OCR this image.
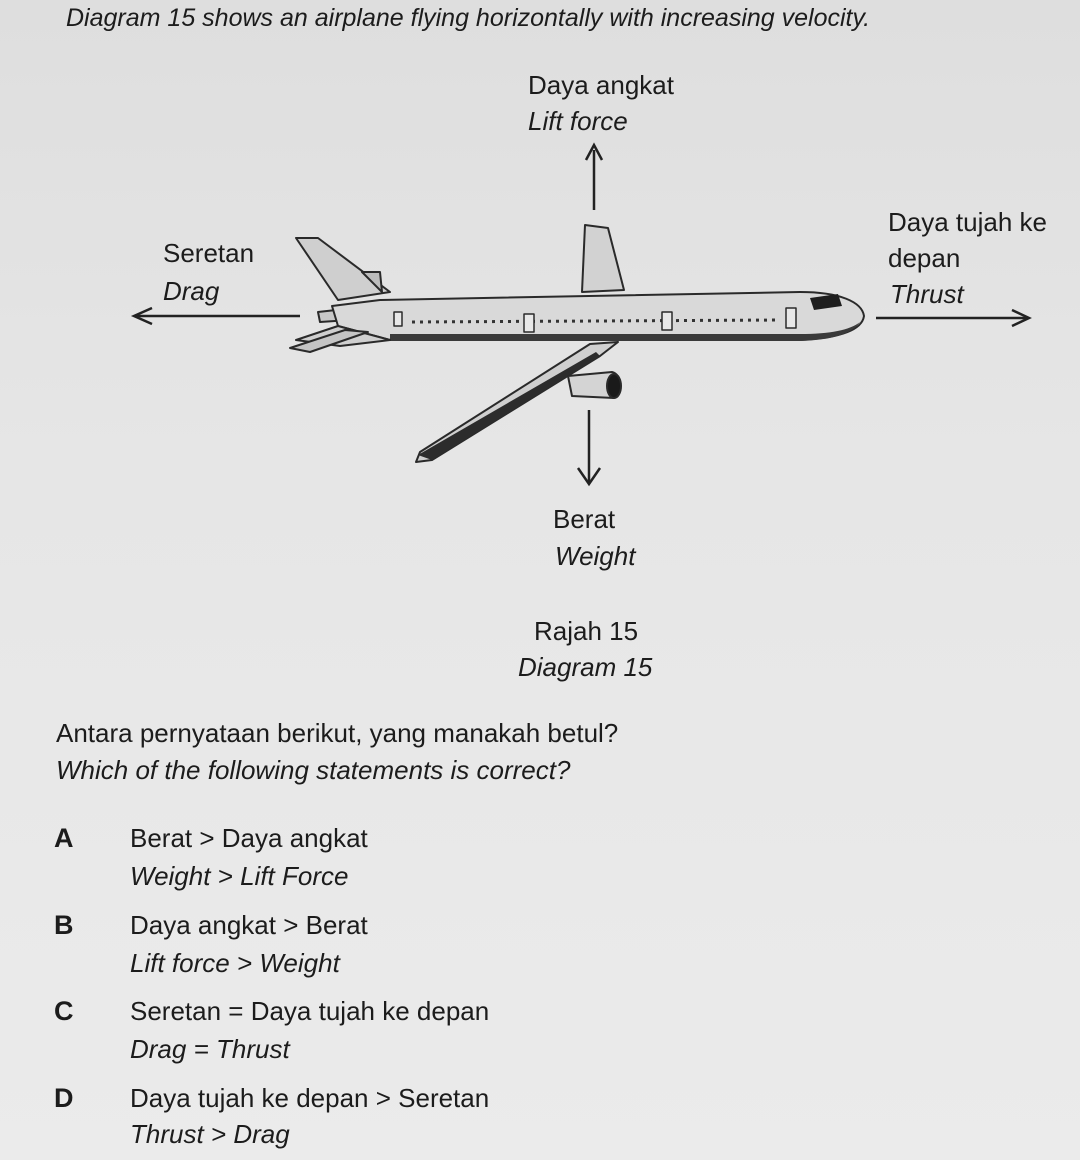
Diagram 15 shows an airplane flying horizontally with increasing velocity.
Daya angkat
Lift force
Seretan
Drag
Daya tujah ke
depan
Thrust
Berat
Weight
Rajah 15
Diagram 15
Antara pernyataan berikut, yang manakah betul?
Which of the following statements is correct?
A Berat > Daya angkat
Weight > Lift Force
B Daya angkat > Berat
Lift force > Weight
C Seretan = Daya tujah ke depan
Drag = Thrust
D Daya tujah ke depan > Seretan
Thrust > Drag
